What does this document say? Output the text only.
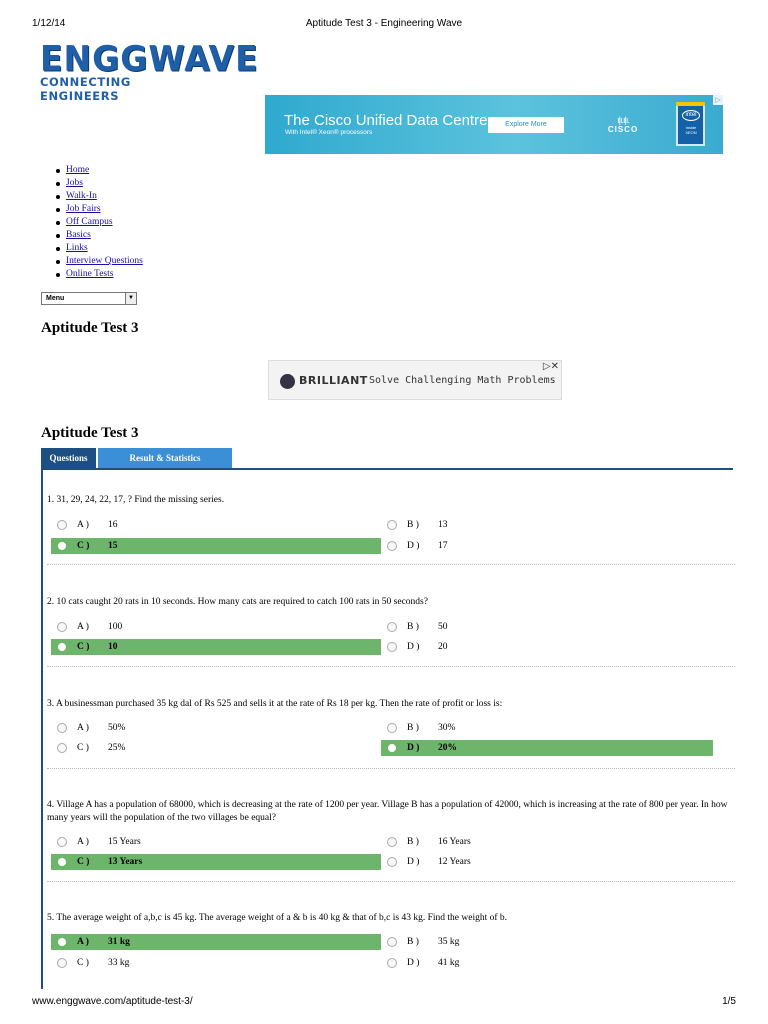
1/12/14	Aptitude Test 3 - Engineering Wave
ENGGWAVE
CONNECTING ENGINEERS
The Cisco Unified Data Centre
With Intel® Xeon® processors
Explore More	ı|ı.ı|ı.
CISCO
intel
Inside XEON
▷
Home
Jobs
Walk-In
Job Fairs
Off Campus
Basics
Links
Interview Questions
Online Tests
Menu	▼
Aptitude Test 3
BRILLIANT Solve Challenging Math Problems
▷✕
Aptitude Test 3
Questions	Result & Statistics
1. 31, 29, 24, 22, 17, ? Find the missing series.
A )	16	B )	13
C )	15	D )	17
2. 10 cats caught 20 rats in 10 seconds. How many cats are required to catch 100 rats in 50 seconds?
A )	100	B )	50
C )	10	D )	20
3. A businessman purchased 35 kg dal of Rs 525 and sells it at the rate of Rs 18 per kg. Then the rate of profit or loss is:
A )	50%	B )	30%
C )	25%	D )	20%
4. Village A has a population of 68000, which is decreasing at the rate of 1200 per year. Village B has a population of 42000, which is increasing at the rate of 800 per year. In how many years will the population of the two villages be equal?
A )	15 Years	B )	16 Years
C )	13 Years	D )	12 Years
5. The average weight of a,b,c is 45 kg. The average weight of a & b is 40 kg & that of b,c is 43 kg. Find the weight of b.
A )	31 kg	B )	35 kg
C )	33 kg	D )	41 kg
www.enggwave.com/aptitude-test-3/	1/5
